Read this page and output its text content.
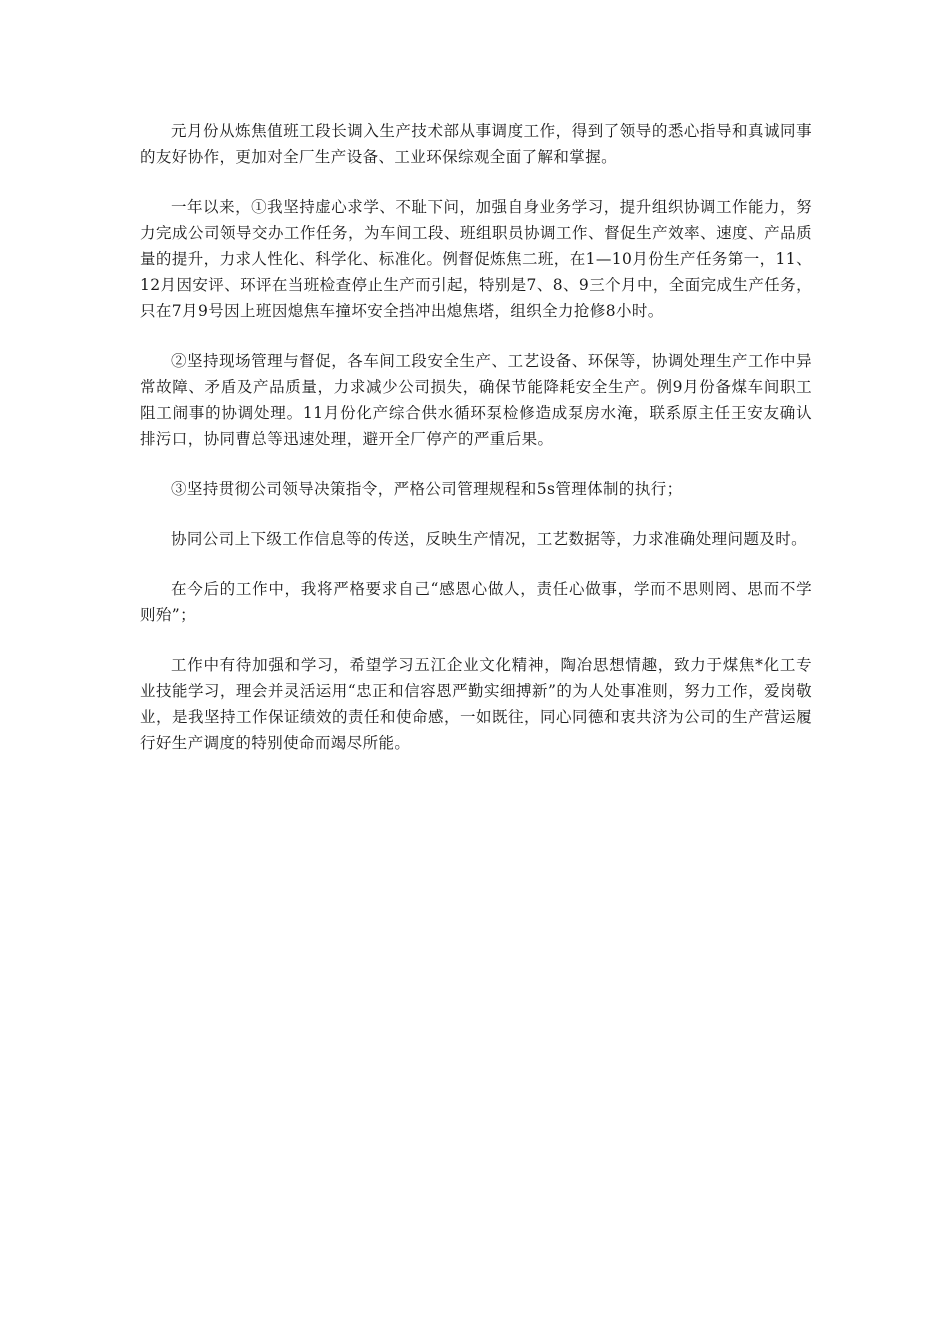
元月份从炼焦值班工段长调入生产技术部从事调度工作，得到了领导的悉心指导和真诚同事的友好协作，更加对全厂生产设备、工业环保综观全面了解和掌握。

一年以来，①我坚持虚心求学、不耻下问，加强自身业务学习，提升组织协调工作能力，努力完成公司领导交办工作任务，为车间工段、班组职员协调工作、督促生产效率、速度、产品质量的提升，力求人性化、科学化、标准化。例督促炼焦二班，在1—10月份生产任务第一，11、12月因安评、环评在当班检查停止生产而引起，特别是7、8、9三个月中，全面完成生产任务，只在7月9号因上班因熄焦车撞坏安全挡冲出熄焦塔，组织全力抢修8小时。

②坚持现场管理与督促，各车间工段安全生产、工艺设备、环保等，协调处理生产工作中异常故障、矛盾及产品质量，力求减少公司损失，确保节能降耗安全生产。例9月份备煤车间职工阻工闹事的协调处理。11月份化产综合供水循环泵检修造成泵房水淹，联系原主任王安友确认排污口，协同曹总等迅速处理，避开全厂停产的严重后果。

③坚持贯彻公司领导决策指令，严格公司管理规程和5s管理体制的执行；

协同公司上下级工作信息等的传送，反映生产情况，工艺数据等，力求准确处理问题及时。

在今后的工作中，我将严格要求自己“感恩心做人，责任心做事，学而不思则罔、思而不学则殆”；

工作中有待加强和学习，希望学习五江企业文化精神，陶冶思想情趣，致力于煤焦*化工专业技能学习，理会并灵活运用“忠正和信容恩严勤实细搏新”的为人处事准则，努力工作，爱岗敬业，是我坚持工作保证绩效的责任和使命感，一如既往，同心同德和衷共济为公司的生产营运履行好生产调度的特别使命而竭尽所能。
